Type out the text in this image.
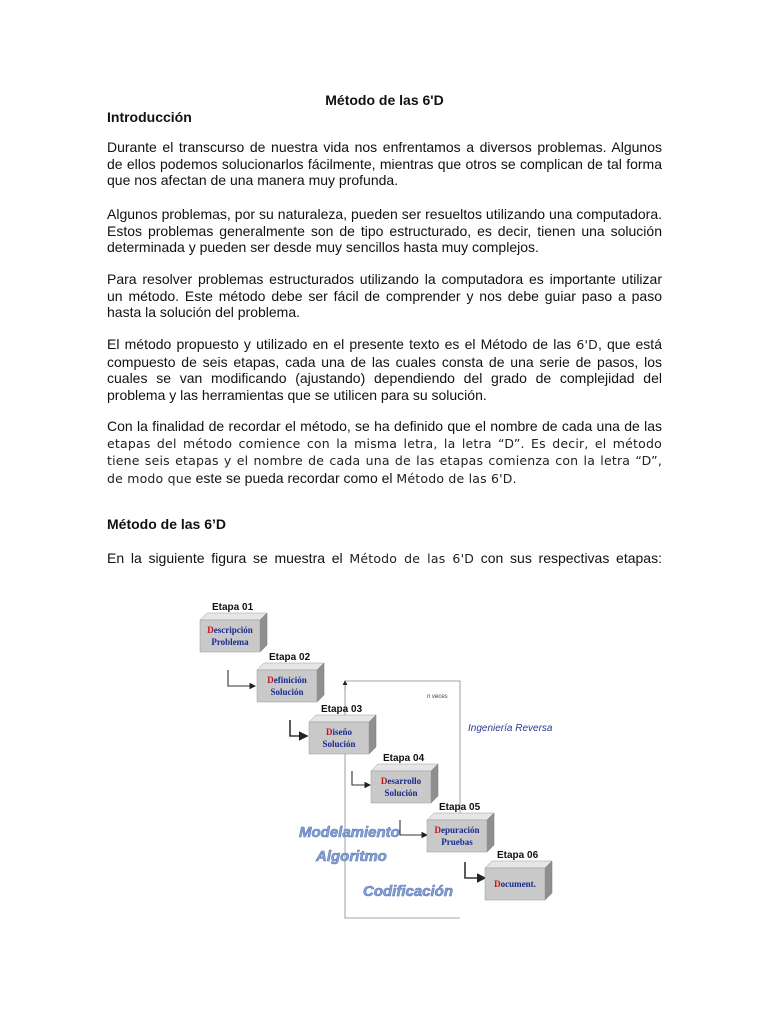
Método de las 6'D
Introducción
Durante el transcurso de nuestra vida nos enfrentamos a diversos problemas. Algunos de ellos podemos solucionarlos fácilmente, mientras que otros se complican de tal forma que nos afectan de una manera muy profunda.
Algunos problemas, por su naturaleza, pueden ser resueltos utilizando una computadora. Estos problemas generalmente son de tipo estructurado, es decir, tienen una solución determinada y pueden ser desde muy sencillos hasta muy complejos.
Para resolver problemas estructurados utilizando la computadora es importante utilizar un método. Este método debe ser fácil de comprender y nos debe guiar paso a paso hasta la solución del problema.
El método propuesto y utilizado en el presente texto es el Método de las 6'D, que está compuesto de seis etapas, cada una de las cuales consta de una serie de pasos, los cuales se van modificando (ajustando) dependiendo del grado de complejidad del problema y las herramientas que se utilicen para su solución.
Con la finalidad de recordar el método, se ha definido que el nombre de cada una de las etapas del método comience con la misma letra, la letra “D”. Es decir, el método tiene seis etapas y el nombre de cada una de las etapas comienza con la letra “D”, de modo que este se pueda recordar como el Método de las 6'D.
Método de las 6’D
En la siguiente figura se muestra el Método de las 6'D con sus respectivas etapas:
Etapa 01
Descripción
Problema
Etapa 02
Definición
Solución
Etapa 03
Diseño
Solución
Etapa 04
Desarrollo
Solución
Etapa 05
Depuración
Pruebas
Etapa 06
Document.
n veces
Ingeniería Reversa
Modelamiento
Algoritmo
Codificación
